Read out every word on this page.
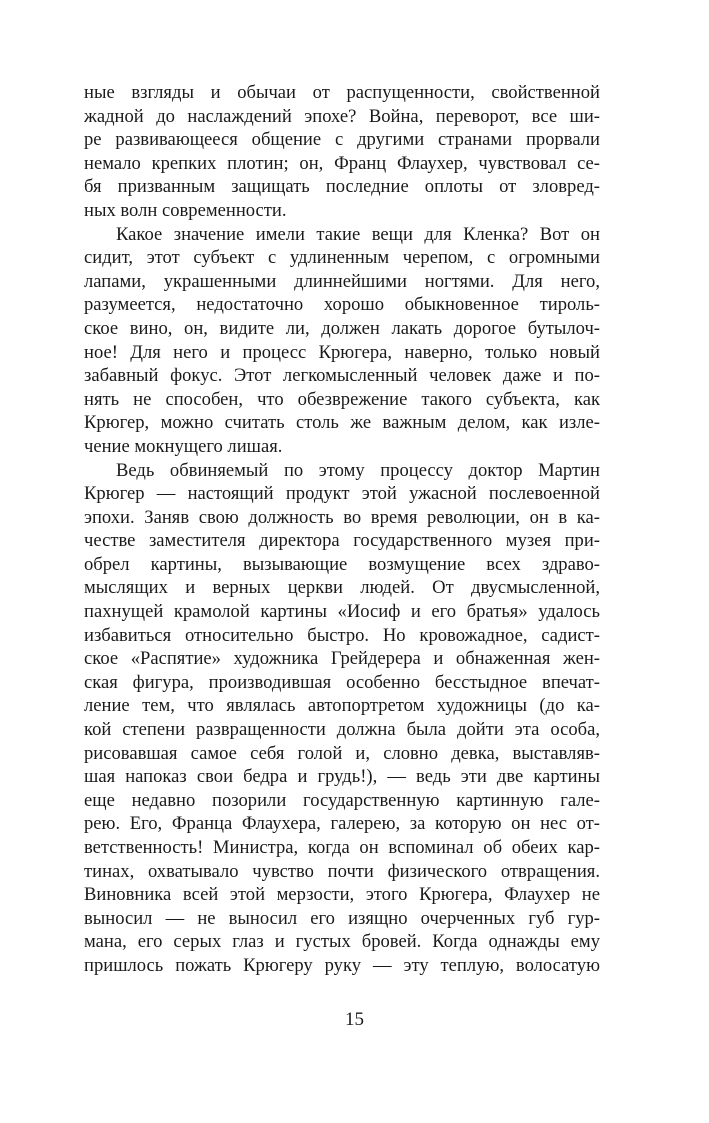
ные взгляды и обычаи от распущенности, свойственной
жадной до наслаждений эпохе? Война, переворот, все ши-
ре развивающееся общение с другими странами прорвали
немало крепких плотин; он, Франц Флаухер, чувствовал се-
бя призванным защищать последние оплоты от зловред-
ных волн современности.
Какое значение имели такие вещи для Кленка? Вот он
сидит, этот субъект с удлиненным черепом, с огромными
лапами, украшенными длиннейшими ногтями. Для него,
разумеется, недостаточно хорошо обыкновенное тироль-
ское вино, он, видите ли, должен лакать дорогое бутылоч-
ное! Для него и процесс Крюгера, наверно, только новый
забавный фокус. Этот легкомысленный человек даже и по-
нять не способен, что обезврежение такого субъекта, как
Крюгер, можно считать столь же важным делом, как изле-
чение мокнущего лишая.
Ведь обвиняемый по этому процессу доктор Мартин
Крюгер — настоящий продукт этой ужасной послевоенной
эпохи. Заняв свою должность во время революции, он в ка-
честве заместителя директора государственного музея при-
обрел картины, вызывающие возмущение всех здраво-
мыслящих и верных церкви людей. От двусмысленной,
пахнущей крамолой картины «Иосиф и его братья» удалось
избавиться относительно быстро. Но кровожадное, садист-
ское «Распятие» художника Грейдерера и обнаженная жен-
ская фигура, производившая особенно бесстыдное впечат-
ление тем, что являлась автопортретом художницы (до ка-
кой степени развращенности должна была дойти эта особа,
рисовавшая самое себя голой и, словно девка, выставляв-
шая напоказ свои бедра и грудь!), — ведь эти две картины
еще недавно позорили государственную картинную гале-
рею. Его, Франца Флаухера, галерею, за которую он нес от-
ветственность! Министра, когда он вспоминал об обеих кар-
тинах, охватывало чувство почти физического отвращения.
Виновника всей этой мерзости, этого Крюгера, Флаухер не
выносил — не выносил его изящно очерченных губ гур-
мана, его серых глаз и густых бровей. Когда однажды ему
пришлось пожать Крюгеру руку — эту теплую, волосатую
15
